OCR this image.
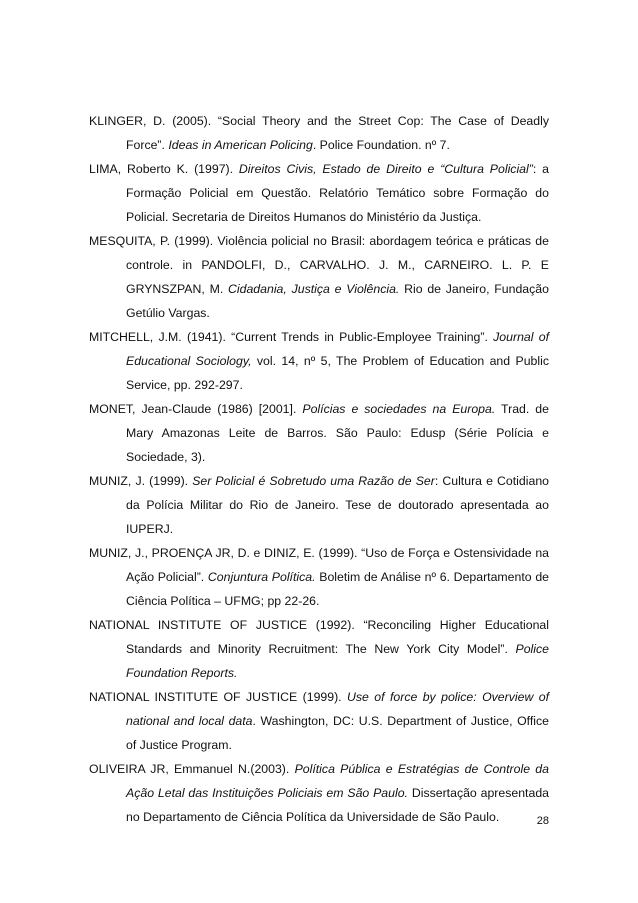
KLINGER, D. (2005). “Social Theory and the Street Cop: The Case of Deadly Force”. Ideas in American Policing. Police Foundation. nº 7.

LIMA, Roberto K. (1997). Direitos Civis, Estado de Direito e “Cultura Policial”: a Formação Policial em Questão. Relatório Temático sobre Formação do Policial. Secretaria de Direitos Humanos do Ministério da Justiça.

MESQUITA, P. (1999). Violência policial no Brasil: abordagem teórica e práticas de controle. in PANDOLFI, D., CARVALHO. J. M., CARNEIRO. L. P. E GRYNSZPAN, M. Cidadania, Justiça e Violência. Rio de Janeiro, Fundação Getúlio Vargas.

MITCHELL, J.M. (1941). “Current Trends in Public-Employee Training”. Journal of Educational Sociology, vol. 14, nº 5, The Problem of Education and Public Service, pp. 292-297.

MONET, Jean-Claude (1986) [2001]. Polícias e sociedades na Europa. Trad. de Mary Amazonas Leite de Barros. São Paulo: Edusp (Série Polícia e Sociedade, 3).

MUNIZ, J. (1999). Ser Policial é Sobretudo uma Razão de Ser: Cultura e Cotidiano da Polícia Militar do Rio de Janeiro. Tese de doutorado apresentada ao IUPERJ.

MUNIZ, J., PROENÇA JR, D. e DINIZ, E. (1999). “Uso de Força e Ostensividade na Ação Policial”. Conjuntura Política. Boletim de Análise nº 6. Departamento de Ciência Política – UFMG; pp 22-26.

NATIONAL INSTITUTE OF JUSTICE (1992). “Reconciling Higher Educational Standards and Minority Recruitment: The New York City Model”. Police Foundation Reports.

NATIONAL INSTITUTE OF JUSTICE (1999). Use of force by police: Overview of national and local data. Washington, DC: U.S. Department of Justice, Office of Justice Program.

OLIVEIRA JR, Emmanuel N.(2003). Política Pública e Estratégias de Controle da Ação Letal das Instituições Policiais em São Paulo. Dissertação apresentada no Departamento de Ciência Política da Universidade de São Paulo.	28
